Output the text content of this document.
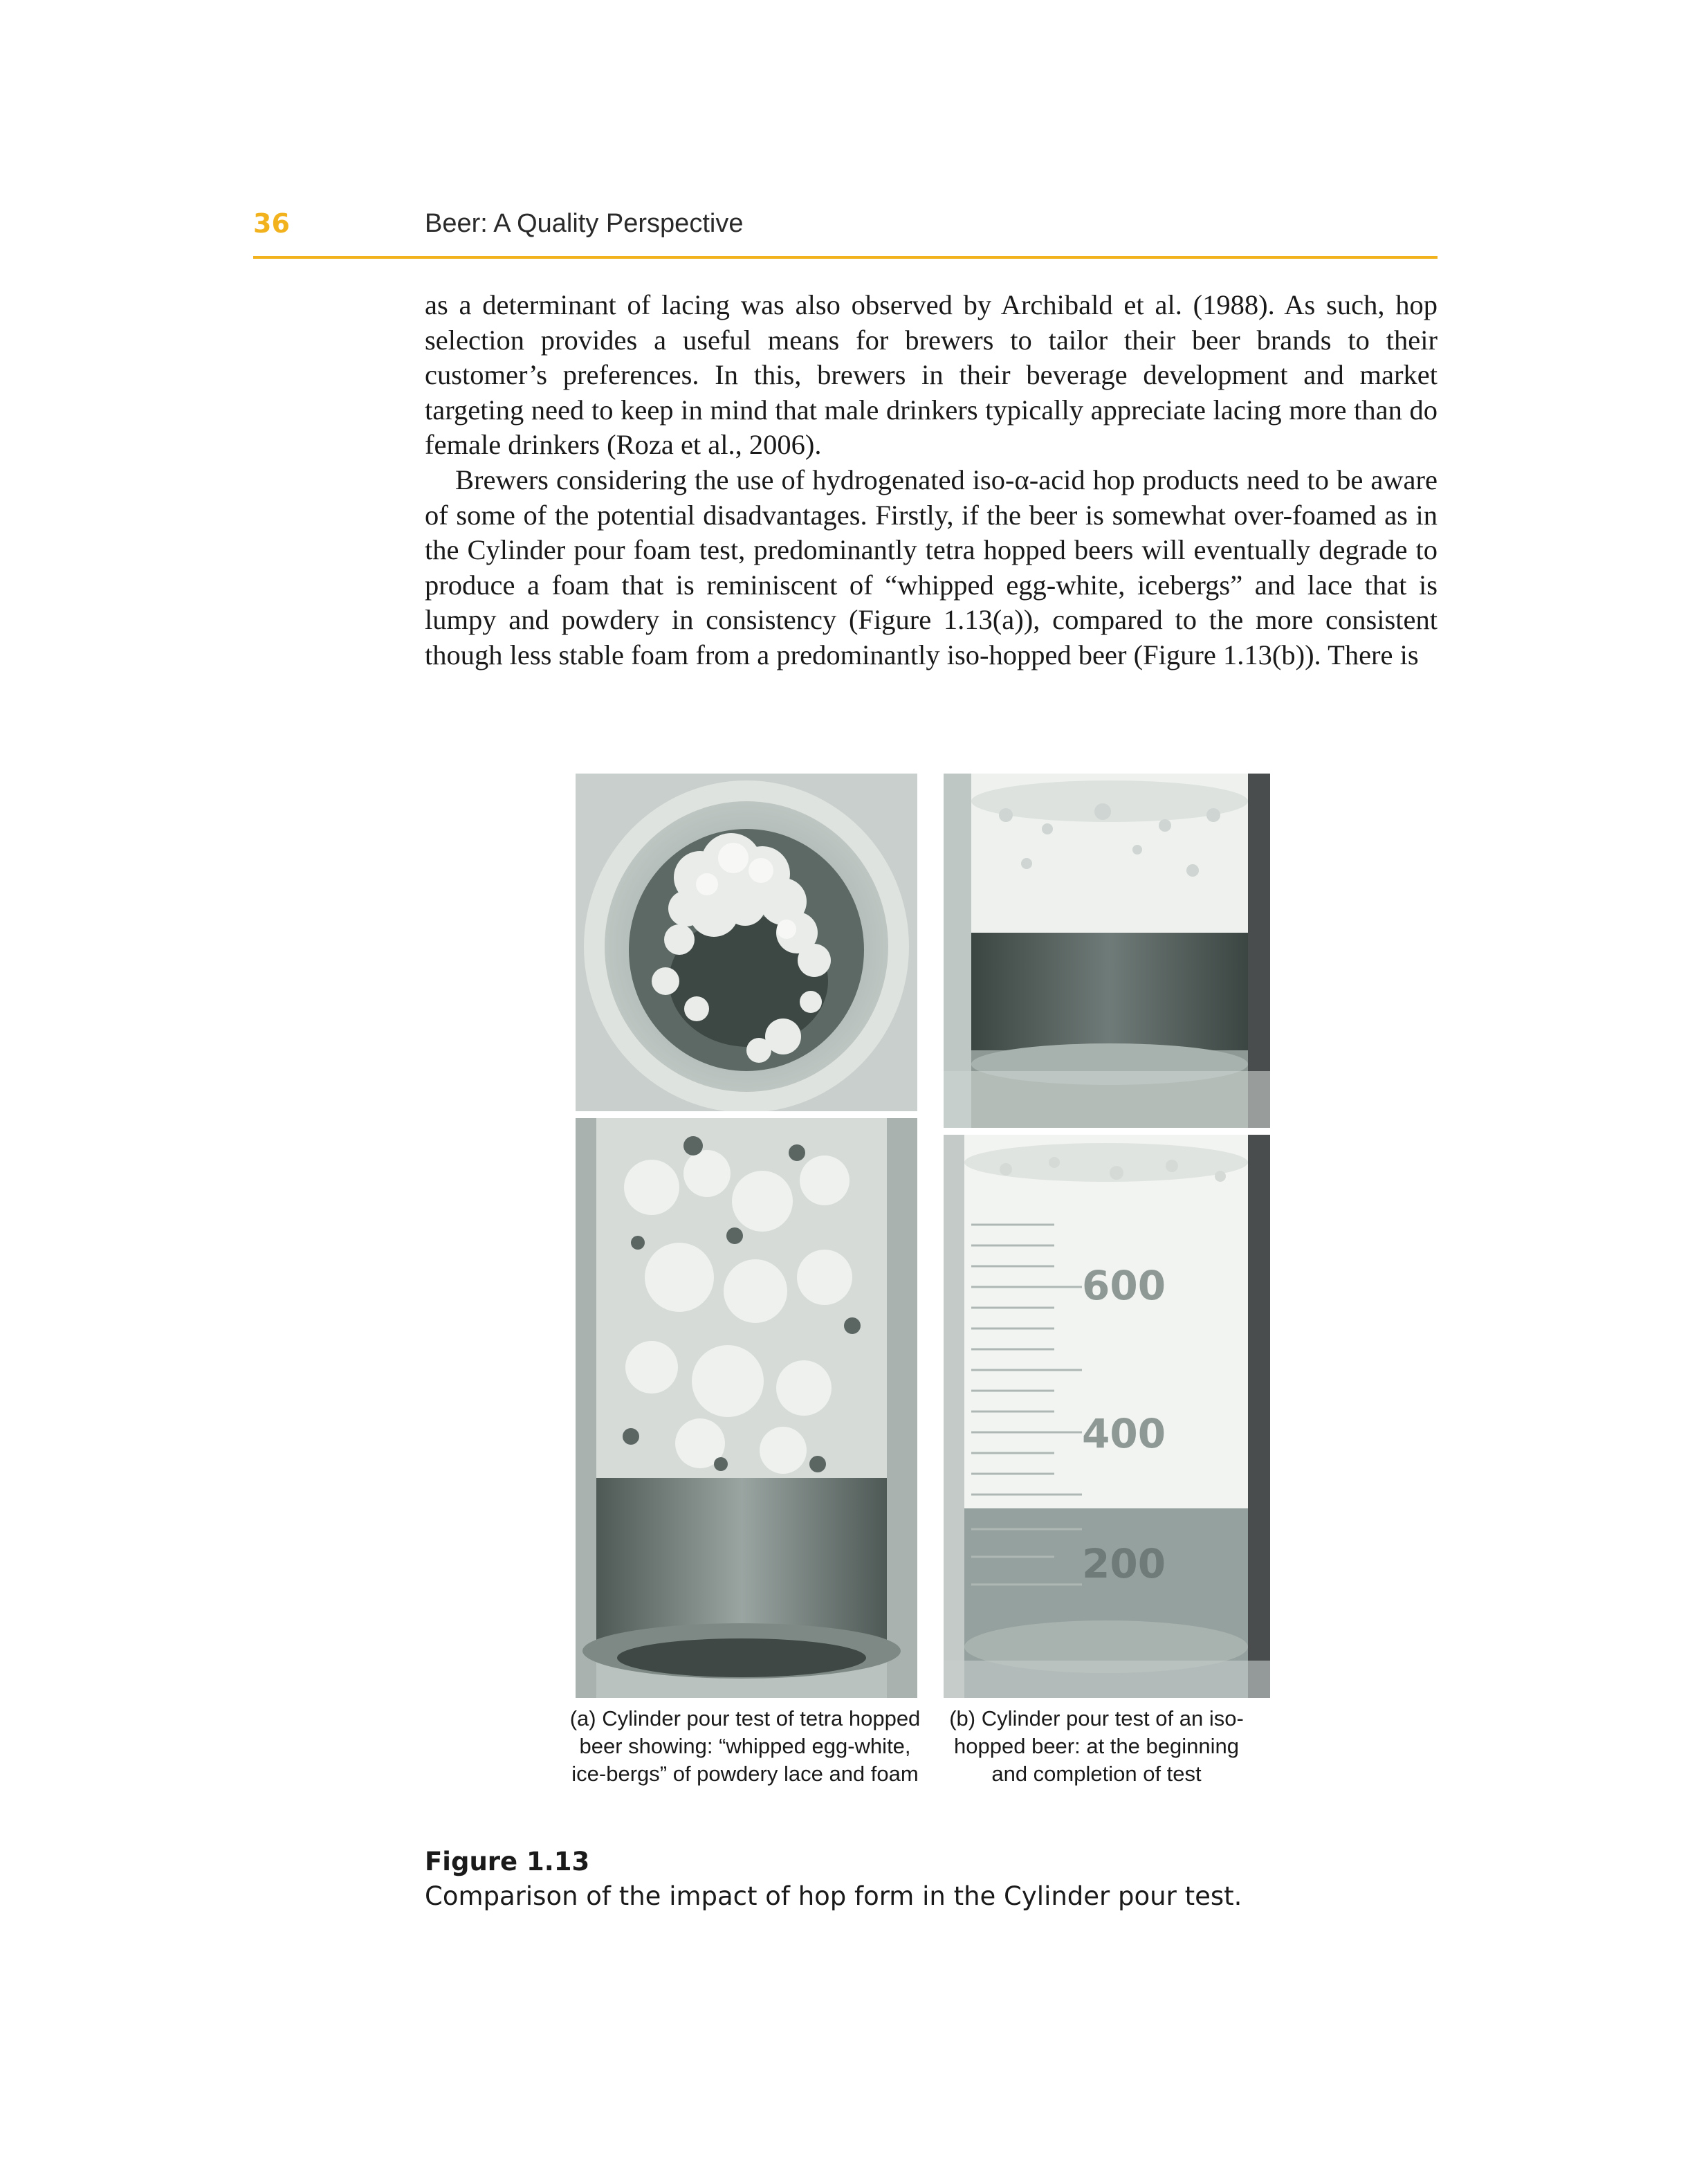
36	Beer: A Quality Perspective

as a determinant of lacing was also observed by Archibald et al. (1988). As such, hop selection provides a useful means for brewers to tailor their beer brands to their customer’s preferences. In this, brewers in their beverage development and market targeting need to keep in mind that male drinkers typically appreciate lacing more than do female drinkers (Roza et al., 2006).

Brewers considering the use of hydrogenated iso-α-acid hop products need to be aware of some of the potential disadvantages. Firstly, if the beer is somewhat over-foamed as in the Cylinder pour foam test, predominantly tetra hopped beers will eventually degrade to produce a foam that is reminiscent of “whipped egg-white, icebergs” and lace that is lumpy and powdery in consistency (Figure 1.13(a)), compared to the more consistent though less stable foam from a predominantly iso-hopped beer (Figure 1.13(b)). There is

600
400
200
(a) Cylinder pour test of tetra hopped beer showing: “whipped egg-white, ice-bergs” of powdery lace and foam
(b) Cylinder pour test of an iso-hopped beer: at the beginning and completion of test
Figure 1.13
Comparison of the impact of hop form in the Cylinder pour test.
